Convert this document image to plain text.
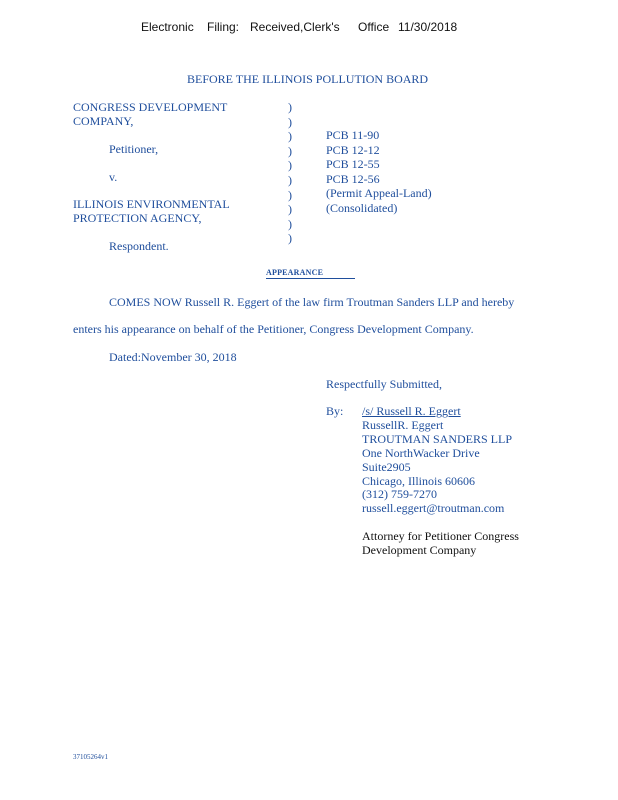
Electronic Filing: Received,Clerk's Office 11/30/2018
BEFORE THE ILLINOIS POLLUTION BOARD
CONGRESS DEVELOPMENT
COMPANY,
Petitioner,
v.
ILLINOIS ENVIRONMENTAL
PROTECTION AGENCY,
Respondent.
)
)
)
)
)
)
)
)
)
)
PCB 11-90
PCB 12-12
PCB 12-55
PCB 12-56
(Permit Appeal-Land)
(Consolidated)
APPEARANCE
COMES NOW Russell R. Eggert of the law firm Troutman Sanders LLP and hereby
enters his appearance on behalf of the Petitioner, Congress Development Company.
Dated:November 30, 2018
Respectfully Submitted,
By: /s/ Russell R. Eggert
RussellR. Eggert
TROUTMAN SANDERS LLP
One NorthWacker Drive
Suite2905
Chicago, Illinois 60606
(312) 759-7270
russell.eggert@troutman.com
Attorney for Petitioner Congress
Development Company
37105264v1
